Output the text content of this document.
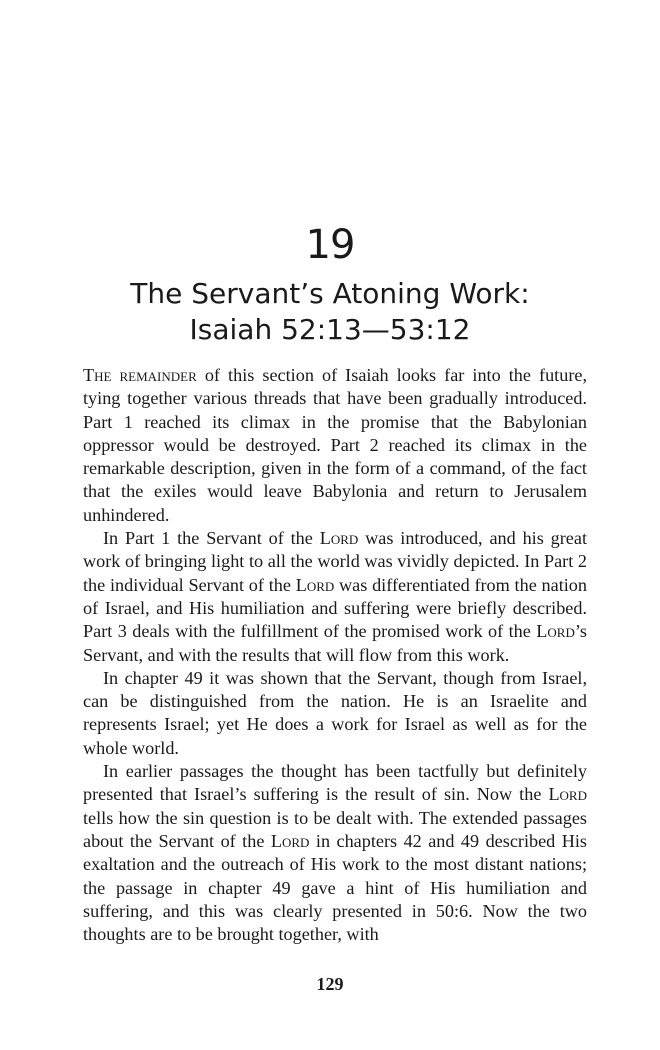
19
The Servant’s Atoning Work:
Isaiah 52:13—53:12

The remainder of this section of Isaiah looks far into the future, tying together various threads that have been gradually introduced. Part 1 reached its climax in the promise that the Babylonian oppressor would be destroyed. Part 2 reached its climax in the remarkable description, given in the form of a command, of the fact that the exiles would leave Babylonia and return to Jerusalem unhindered.

In Part 1 the Servant of the Lord was introduced, and his great work of bringing light to all the world was vividly depicted. In Part 2 the individual Servant of the Lord was differentiated from the nation of Israel, and His humiliation and suffering were briefly described. Part 3 deals with the fulfillment of the promised work of the Lord’s Servant, and with the results that will flow from this work.

In chapter 49 it was shown that the Servant, though from Israel, can be distinguished from the nation. He is an Israelite and represents Israel; yet He does a work for Israel as well as for the whole world.

In earlier passages the thought has been tactfully but definitely presented that Israel’s suffering is the result of sin. Now the Lord tells how the sin question is to be dealt with. The extended passages about the Servant of the Lord in chapters 42 and 49 described His exaltation and the outreach of His work to the most distant nations; the passage in chapter 49 gave a hint of His humiliation and suffering, and this was clearly presented in 50:6. Now the two thoughts are to be brought together, with

129
